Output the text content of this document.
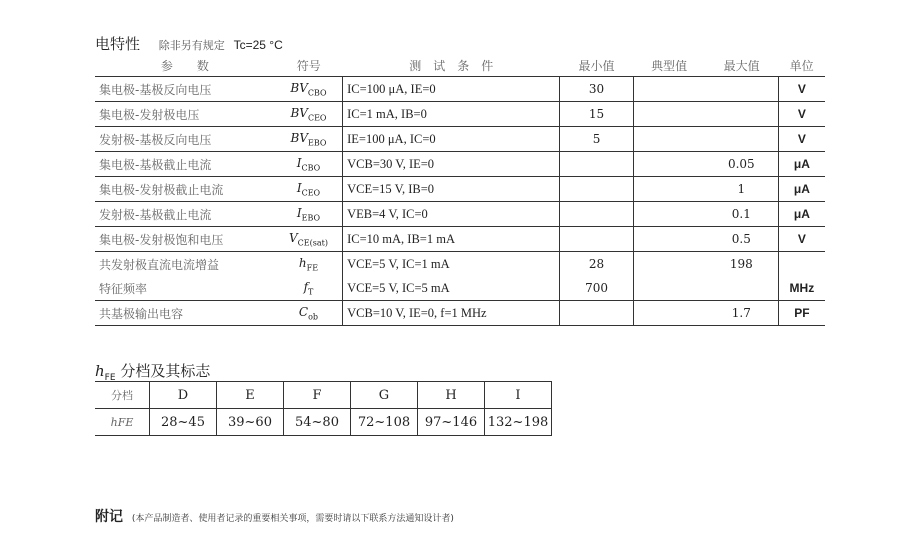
电特性 除非另有规定 Tc=25 °C
参　　数	符号	测　试　条　件	最小值	典型值	最大值	单位
集电极-基极反向电压	$BV_{CBO}$	IC=100 μA, IE=0	30			V
集电极-发射极电压	$BV_{CEO}$	IC=1 mA, IB=0	15			V
发射极-基极反向电压	$BV_{EBO}$	IE=100 μA, IC=0	5			V
集电极-基极截止电流	$I_{CBO}$	VCB=30 V, IE=0			0.05	μA
集电极-发射极截止电流	$I_{CEO}$	VCE=15 V, IB=0			1	μA
发射极-基极截止电流	$I_{EBO}$	VEB=4 V, IC=0			0.1	μA
集电极-发射极饱和电压	$V_{CE(sat)}$	IC=10 mA, IB=1 mA			0.5	V
共发射极直流电流增益	$h_{FE}$	VCE=5 V, IC=1 mA	28		198	
特征频率	$f_T$	VCE=5 V, IC=5 mA	700			MHz
共基极输出电容	$C_{ob}$	VCB=10 V, IE=0, f=1 MHz			1.7	PF
$h_{FE}$ 分档及其标志
分档	D	E	F	G	H	I
hFE	28~45	39~60	54~80	72~108	97~146	132~198
附记 (本产品制造者、使用者记录的重要相关事项，需要时请以下联系方法通知设计者)
